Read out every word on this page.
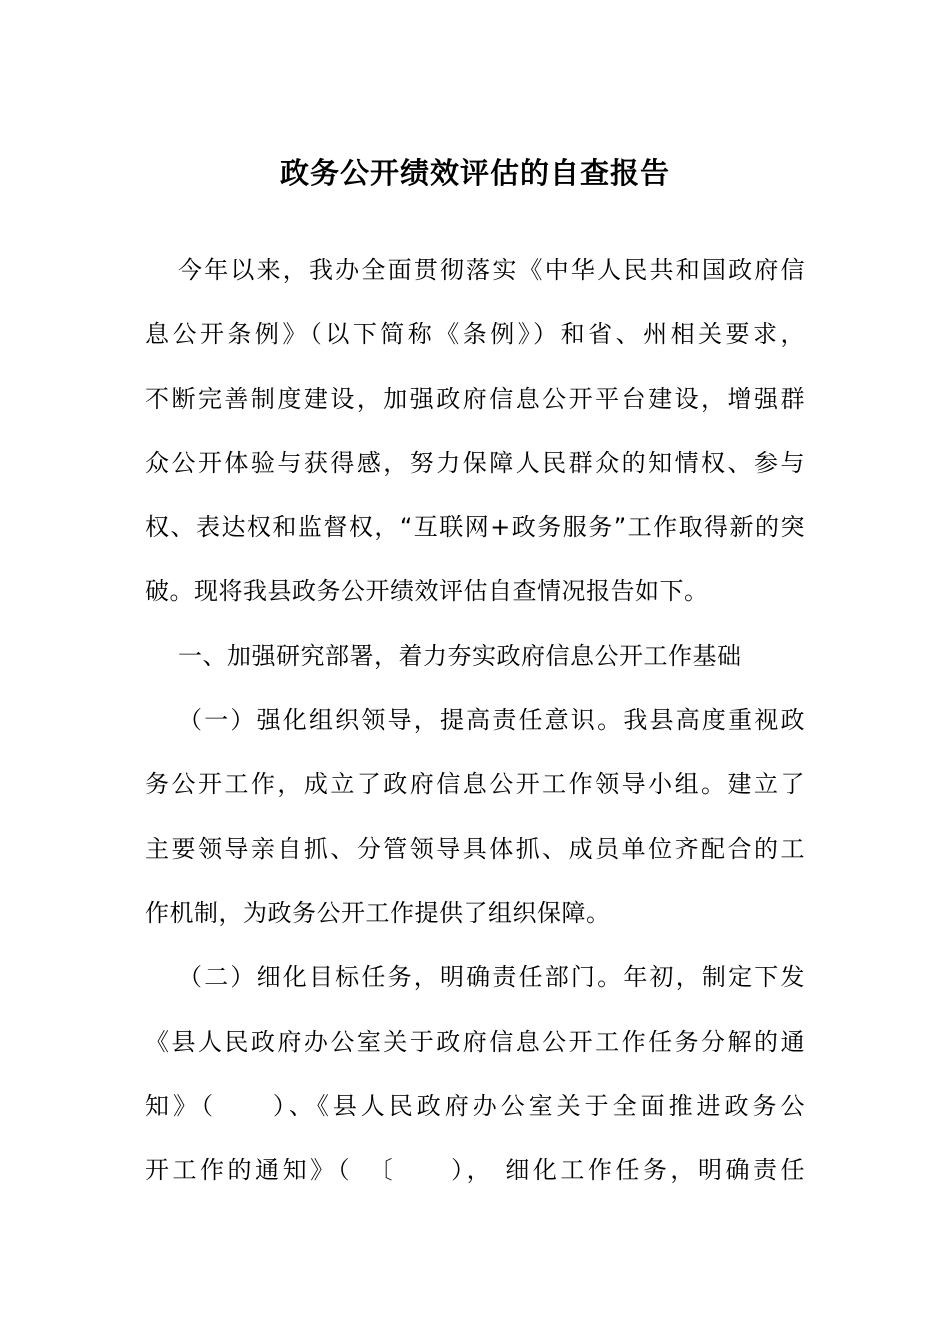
政务公开绩效评估的自查报告
今年以来，我办全面贯彻落实《中华人民共和国政府信
息公开条例》（以下简称《条例》）和省、州相关要求，
不断完善制度建设，加强政府信息公开平台建设，增强群
众公开体验与获得感，努力保障人民群众的知情权、参与
权、表达权和监督权，“互联网+政务服务”工作取得新的突
破。现将我县政务公开绩效评估自查情况报告如下。
一、加强研究部署，着力夯实政府信息公开工作基础
（一）强化组织领导，提高责任意识。我县高度重视政
务公开工作，成立了政府信息公开工作领导小组。建立了
主要领导亲自抓、分管领导具体抓、成员单位齐配合的工
作机制，为政务公开工作提供了组织保障。
（二）细化目标任务，明确责任部门。年初，制定下发
《县人民政府办公室关于政府信息公开工作任务分解的通
知》（　　）、《县人民政府办公室关于全面推进政务公
开工作的通知》（　〔　　）， 细化工作任务，明确责任
